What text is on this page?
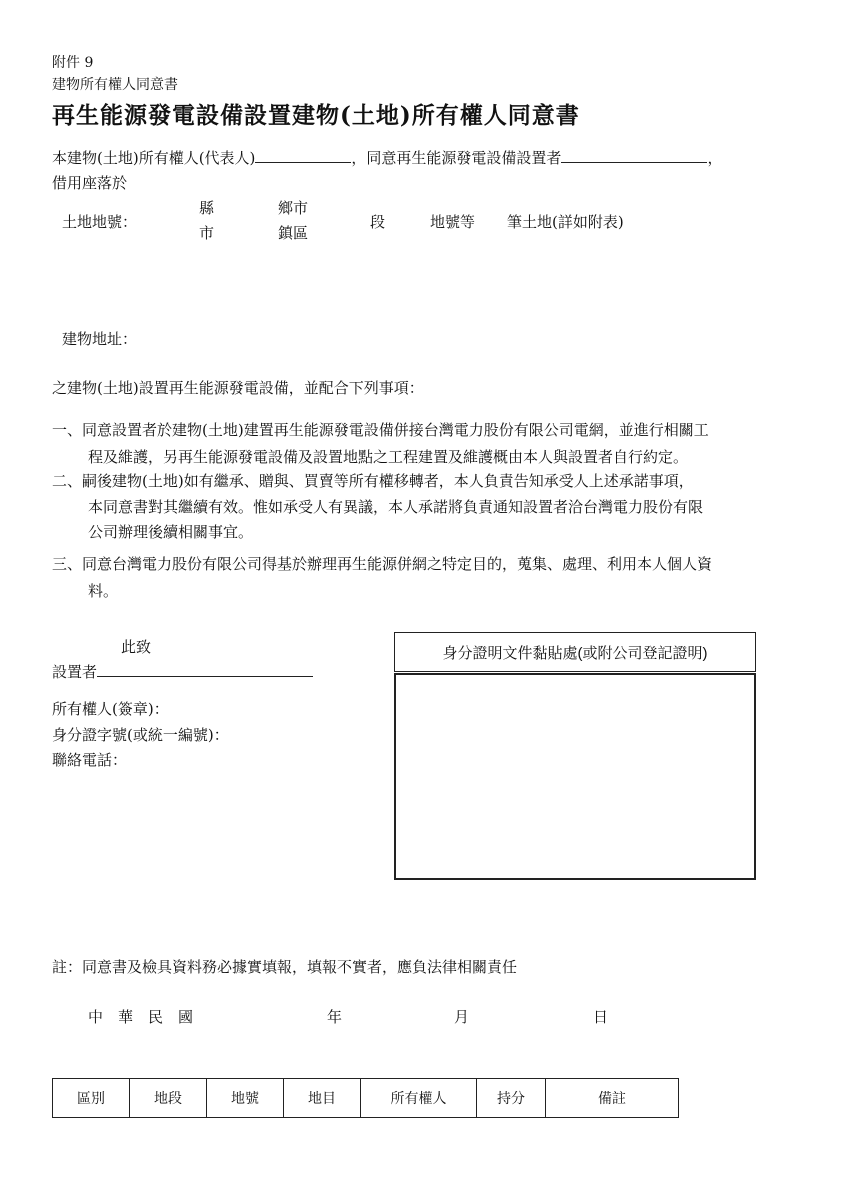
附件 9
建物所有權人同意書
再生能源發電設備設置建物(土地)所有權人同意書
本建物(土地)所有權人(代表人)	，同意再生能源發電設備設置者	，
借用座落於
土地地號：
縣
市
鄉市
鎮區
段	地號等 筆土地(詳如附表)
建物地址：
之建物(土地)設置再生能源發電設備，並配合下列事項：
一、同意設置者於建物(土地)建置再生能源發電設備併接台灣電力股份有限公司電網，並進行相關工
程及維護，另再生能源發電設備及設置地點之工程建置及維護概由本人與設置者自行約定。
二、嗣後建物(土地)如有繼承、贈與、買賣等所有權移轉者，本人負責告知承受人上述承諾事項，
本同意書對其繼續有效。惟如承受人有異議，本人承諾將負責通知設置者洽台灣電力股份有限
公司辦理後續相關事宜。
三、同意台灣電力股份有限公司得基於辦理再生能源併網之特定目的，蒐集、處理、利用本人個人資
料。
此致
設置者
所有權人(簽章)：
身分證字號(或統一編號)：
聯絡電話：
身分證明文件黏貼處(或附公司登記證明)
註：同意書及檢具資料務必據實填報，填報不實者，應負法律相關責任
中　華　民　國	年	月	日
區別	地段	地號	地目	所有權人	持分	備註
